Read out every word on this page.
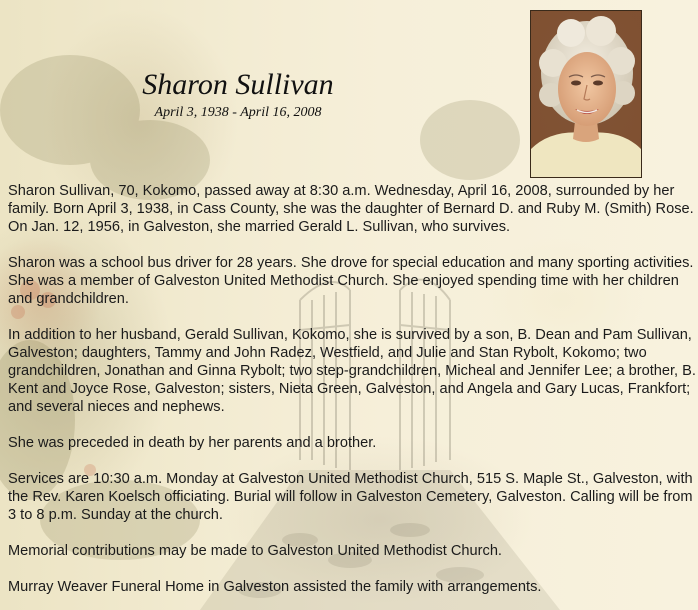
Sharon Sullivan
April 3, 1938 - April 16, 2008

Sharon Sullivan, 70, Kokomo, passed away at 8:30 a.m. Wednesday, April 16, 2008, surrounded by her family. Born April 3, 1938, in Cass County, she was the daughter of Bernard D. and Ruby M. (Smith) Rose. On Jan. 12, 1956, in Galveston, she married Gerald L. Sullivan, who survives.

Sharon was a school bus driver for 28 years. She drove for special education and many sporting activities. She was a member of Galveston United Methodist Church. She enjoyed spending time with her children and grandchildren.

In addition to her husband, Gerald Sullivan, Kokomo, she is survived by a son, B. Dean and Pam Sullivan, Galveston; daughters, Tammy and John Radez, Westfield, and Julie and Stan Rybolt, Kokomo; two grandchildren, Jonathan and Ginna Rybolt; two step-grandchildren, Micheal and Jennifer Lee; a brother, B. Kent and Joyce Rose, Galveston; sisters, Nieta Green, Galveston, and Angela and Gary Lucas, Frankfort; and several nieces and nephews.

She was preceded in death by her parents and a brother.

Services are 10:30 a.m. Monday at Galveston United Methodist Church, 515 S. Maple St., Galveston, with the Rev. Karen Koelsch officiating. Burial will follow in Galveston Cemetery, Galveston. Calling will be from 3 to 8 p.m. Sunday at the church.

Memorial contributions may be made to Galveston United Methodist Church.

Murray Weaver Funeral Home in Galveston assisted the family with arrangements.
